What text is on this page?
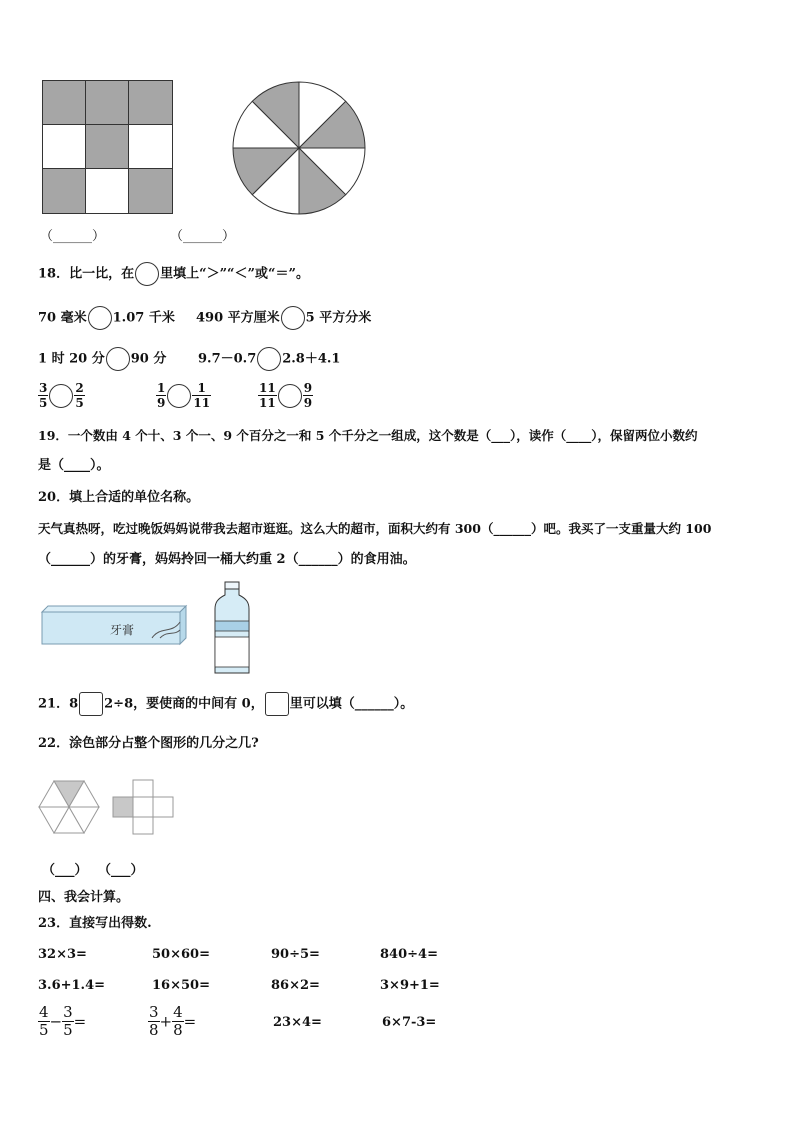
（______）	（______）
18．比一比，在 里填上“＞”“＜”或“＝”。
70 毫米 1.07 千米 490 平方厘米 5 平方分米
1 时 20 分 90 分 9.7－0.7 2.8＋4.1
$\frac{3}{5} \frac{2}{5}$	$\frac{1}{9} \frac{1}{11}$	$\frac{11}{11} \frac{9}{9}$
19．一个数由 4 个十、3 个一、9 个百分之一和 5 个千分之一组成，这个数是（___），读作（____），保留两位小数约
是（____）。
20．填上合适的单位名称。
天气真热呀，吃过晚饭妈妈说带我去超市逛逛。这么大的超市，面积大约有 300（______）吧。我买了一支重量大约 100
（______）的牙膏，妈妈拎回一桶大约重 2（______）的食用油。
牙膏
21．8 2÷8，要使商的中间有 0， 里可以填（______）。
22．涂色部分占整个图形的几分之几?
（___） （___）
四、我会计算。
23．直接写出得数.
32×3=	50×60=	90÷5=	840÷4=
3.6+1.4=	16×50=	86×2=	3×9+1=
$\frac{4}{5} - \frac{3}{5}$ =	$\frac{3}{8} + \frac{4}{8}$ =	23×4=	6×7-3=
